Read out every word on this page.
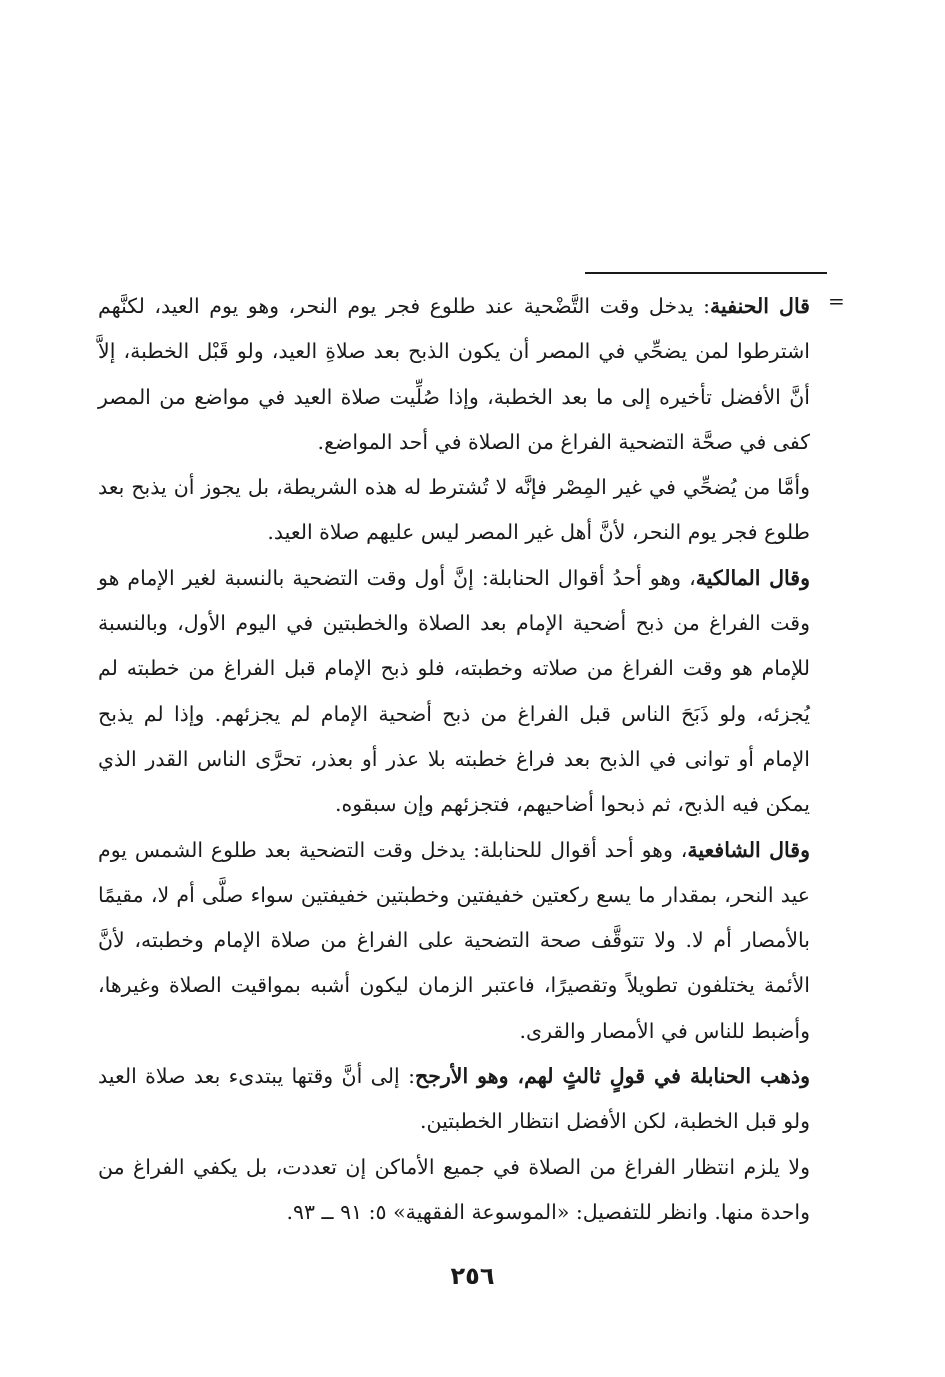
=

قال الحنفية: يدخل وقت التَّضْحية عند طلوع فجر يوم النحر، وهو يوم العيد، لكنَّهم اشترطوا لمن يضحِّي في المصر أن يكون الذبح بعد صلاةِ العيد، ولو قَبْل الخطبة، إلاَّ أنَّ الأفضل تأخيره إلى ما بعد الخطبة، وإذا صُلِّيت صلاة العيد في مواضع من المصر كفى في صحَّة التضحية الفراغ من الصلاة في أحد المواضع.

وأمَّا من يُضحِّي في غير المِصْر فإنَّه لا تُشترط له هذه الشريطة، بل يجوز أن يذبح بعد طلوع فجر يوم النحر، لأنَّ أهل غير المصر ليس عليهم صلاة العيد.

وقال المالكية، وهو أحدُ أقوال الحنابلة: إنَّ أول وقت التضحية بالنسبة لغير الإمام هو وقت الفراغ من ذبح أضحية الإمام بعد الصلاة والخطبتين في اليوم الأول، وبالنسبة للإمام هو وقت الفراغ من صلاته وخطبته، فلو ذبح الإمام قبل الفراغ من خطبته لم يُجزئه، ولو ذَبَحَ الناس قبل الفراغ من ذبح أضحية الإمام لم يجزئهم. وإذا لم يذبح الإمام أو توانى في الذبح بعد فراغ خطبته بلا عذر أو بعذر، تحرَّى الناس القدر الذي يمكن فيه الذبح، ثم ذبحوا أضاحيهم، فتجزئهم وإن سبقوه.

وقال الشافعية، وهو أحد أقوال للحنابلة: يدخل وقت التضحية بعد طلوع الشمس يوم عيد النحر، بمقدار ما يسع ركعتين خفيفتين وخطبتين خفيفتين سواء صلَّى أم لا، مقيمًا بالأمصار أم لا. ولا تتوقَّف صحة التضحية على الفراغ من صلاة الإمام وخطبته، لأنَّ الأئمة يختلفون تطويلاً وتقصيرًا، فاعتبر الزمان ليكون أشبه بمواقيت الصلاة وغيرها، وأضبط للناس في الأمصار والقرى.

وذهب الحنابلة في قولٍ ثالثٍ لهم، وهو الأرجح: إلى أنَّ وقتها يبتدىء بعد صلاة العيد ولو قبل الخطبة، لكن الأفضل انتظار الخطبتين.

ولا يلزم انتظار الفراغ من الصلاة في جميع الأماكن إن تعددت، بل يكفي الفراغ من واحدة منها. وانظر للتفصيل: «الموسوعة الفقهية» ٥: ٩١ ــ ٩٣.

٢٥٦
